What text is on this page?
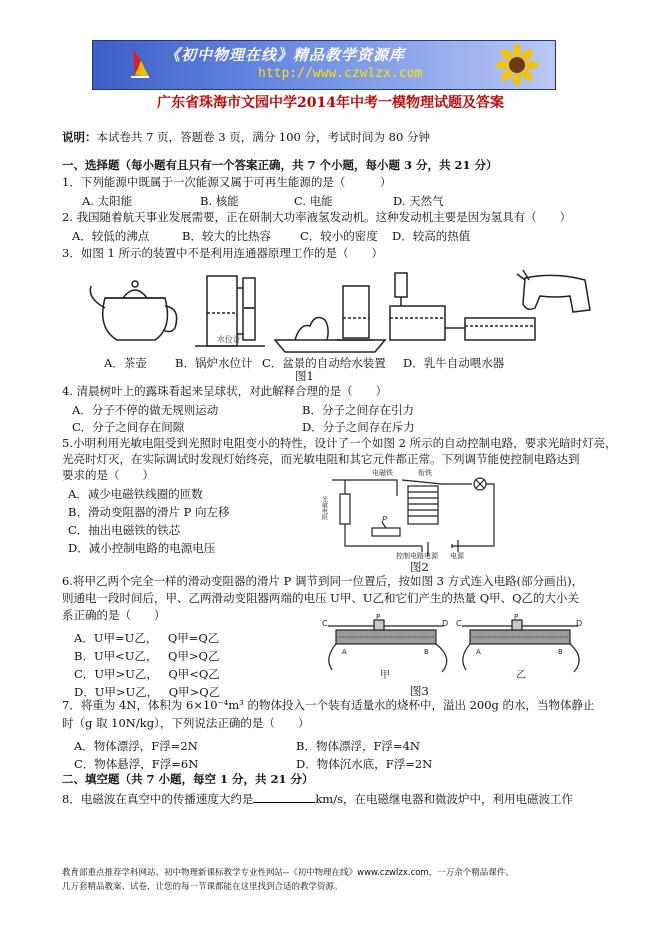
《初中物理在线》精品教学资源库
http://www.czwlzx.com
广东省珠海市文园中学2014年中考一模物理试题及答案
说明：本试卷共 7 页，答题卷 3 页，满分 100 分，考试时间为 80 分钟
一、选择题（每小题有且只有一个答案正确，共 7 个小题，每小题 3 分，共 21 分）
1．下列能源中既属于一次能源又属于可再生能源的是（　　　）
A. 太阳能	B. 核能	C. 电能	D. 天然气
2. 我国随着航天事业发展需要，正在研制大功率液氢发动机。这种发动机主要是因为氢具有（　　）
A．较低的沸点	B．较大的比热容	C．较小的密度 D．较高的热值
3．如图 1 所示的装置中不是利用连通器原理工作的是（　　）
水位计
A．茶壶 B．锅炉水位计 C．盆景的自动给水装置 D．乳牛自动喂水器
图1
4. 清晨树叶上的露珠看起来呈球状，对此解释合理的是（　　）
A．分子不停的做无规则运动	B．分子之间存在引力
C．分子之间存在间隙	D．分子之间存在斥力
5.小明利用光敏电阻受到光照时电阻变小的特性，设计了一个如图 2 所示的自动控制电路，要求光暗时灯亮，
光亮时灯灭，在实际调试时发现灯始终亮，而光敏电阻和其它元件都正常。下列调节能使控制电路达到
要求的是（　　）
A．减少电磁铁线圈的匝数
B．滑动变阻器的滑片 P 向左移
C．抽出电磁铁的铁芯
D．减小控制电路的电源电压
电磁铁	衔铁
光敏电阻	P
控制电路电源 电源
图2
6.将甲乙两个完全一样的滑动变阻器的滑片 P 调节到同一位置后，按如图 3 方式连入电路(部分画出)，
则通电一段时间后，甲、乙两滑动变阻器两端的电压 U甲、U乙和它们产生的热量 Q甲、Q乙的大小关
系正确的是（　　）
A．U甲=U乙， Q甲=Q乙
B．U甲<U乙， Q甲>Q乙
C．U甲>U乙， Q甲<Q乙
D．U甲>U乙， Q甲>Q乙
C
P
D
A	B
C
P
D
A	B
甲	乙
图3
7．将重为 4N，体积为 6×10⁻⁴m³ 的物体投入一个装有适量水的烧杯中，溢出 200g 的水，当物体静止
时（g 取 10N/kg），下列说法正确的是（　　）
A．物体漂浮，F浮=2N	B．物体漂浮，F浮=4N
C．物体悬浮，F浮=6N	D．物体沉水底，F浮=2N
二、填空题（共 7 小题，每空 1 分，共 21 分）
8．电磁波在真空中的传播速度大约是	km/s，在电磁继电器和微波炉中，利用电磁波工作
教育部重点推荐学科网站、初中物理新课标教学专业性网站--《初中物理在线》www.czwlzx.com，一万余个精品课件、
几万套精品教案、试卷，让您的每一节课都能在这里找到合适的教学资源。
